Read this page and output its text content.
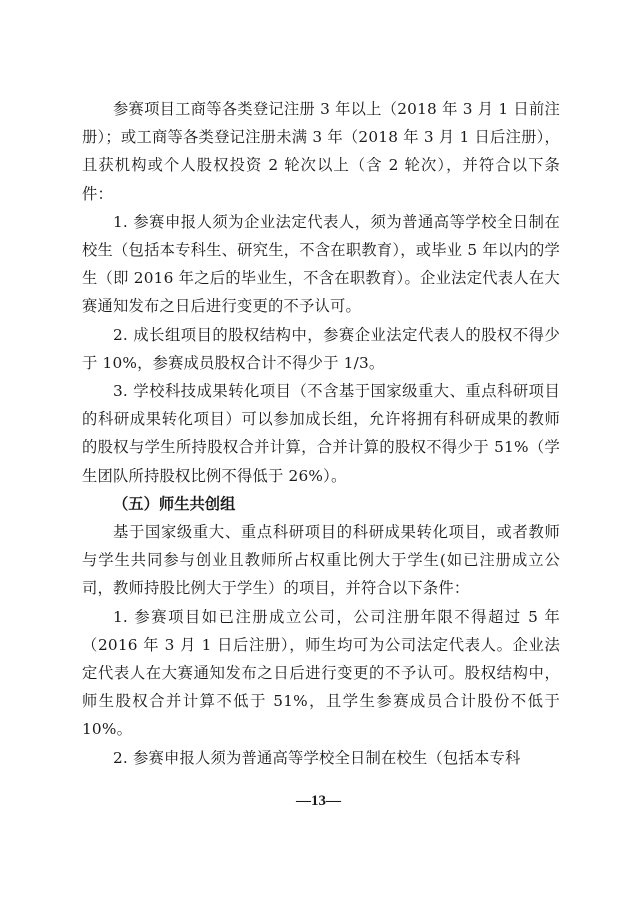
参赛项目工商等各类登记注册 3 年以上（2018 年 3 月 1 日前注册）；或工商等各类登记注册未满 3 年（2018 年 3 月 1 日后注册），且获机构或个人股权投资 2 轮次以上（含 2 轮次），并符合以下条件：

1. 参赛申报人须为企业法定代表人，须为普通高等学校全日制在校生（包括本专科生、研究生，不含在职教育），或毕业 5 年以内的学生（即 2016 年之后的毕业生，不含在职教育）。企业法定代表人在大赛通知发布之日后进行变更的不予认可。

2. 成长组项目的股权结构中，参赛企业法定代表人的股权不得少于 10%，参赛成员股权合计不得少于 1/3。

3. 学校科技成果转化项目（不含基于国家级重大、重点科研项目的科研成果转化项目）可以参加成长组，允许将拥有科研成果的教师的股权与学生所持股权合并计算，合并计算的股权不得少于 51%（学生团队所持股权比例不得低于 26%）。

（五）师生共创组

基于国家级重大、重点科研项目的科研成果转化项目，或者教师与学生共同参与创业且教师所占权重比例大于学生(如已注册成立公司，教师持股比例大于学生）的项目，并符合以下条件：

1. 参赛项目如已注册成立公司，公司注册年限不得超过 5 年（2016 年 3 月 1 日后注册），师生均可为公司法定代表人。企业法定代表人在大赛通知发布之日后进行变更的不予认可。股权结构中，师生股权合并计算不低于 51%，且学生参赛成员合计股份不低于 10%。

2. 参赛申报人须为普通高等学校全日制在校生（包括本专科

—13—
